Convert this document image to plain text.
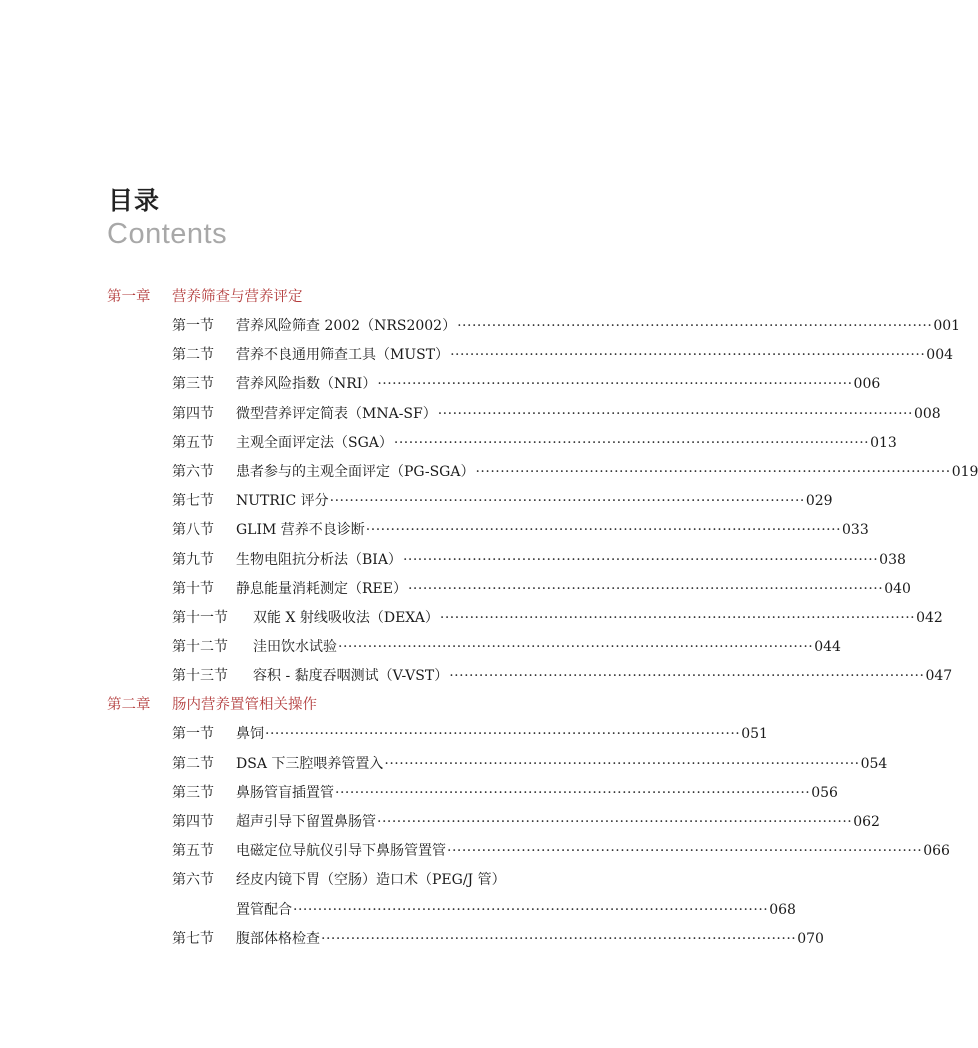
目录
Contents
第一章 营养筛查与营养评定
第一节 营养风险筛查 2002（NRS2002） ································································································ 001
第二节 营养不良通用筛查工具（MUST） ································································································ 004
第三节 营养风险指数（NRI） ································································································ 006
第四节 微型营养评定简表（MNA-SF） ································································································ 008
第五节 主观全面评定法（SGA） ································································································ 013
第六节 患者参与的主观全面评定（PG-SGA） ································································································ 019
第七节 NUTRIC 评分 ································································································ 029
第八节 GLIM 营养不良诊断 ································································································ 033
第九节 生物电阻抗分析法（BIA） ································································································ 038
第十节 静息能量消耗测定（REE） ································································································ 040
第十一节 双能 X 射线吸收法（DEXA） ································································································ 042
第十二节 洼田饮水试验 ································································································ 044
第十三节 容积 - 黏度吞咽测试（V-VST） ································································································ 047
第二章 肠内营养置管相关操作
第一节 鼻饲 ································································································ 051
第二节 DSA 下三腔喂养管置入 ································································································ 054
第三节 鼻肠管盲插置管 ································································································ 056
第四节 超声引导下留置鼻肠管 ································································································ 062
第五节 电磁定位导航仪引导下鼻肠管置管 ································································································ 066
第六节 经皮内镜下胃（空肠）造口术（PEG/J 管）
置管配合 ································································································ 068
第七节 腹部体格检查 ································································································ 070
